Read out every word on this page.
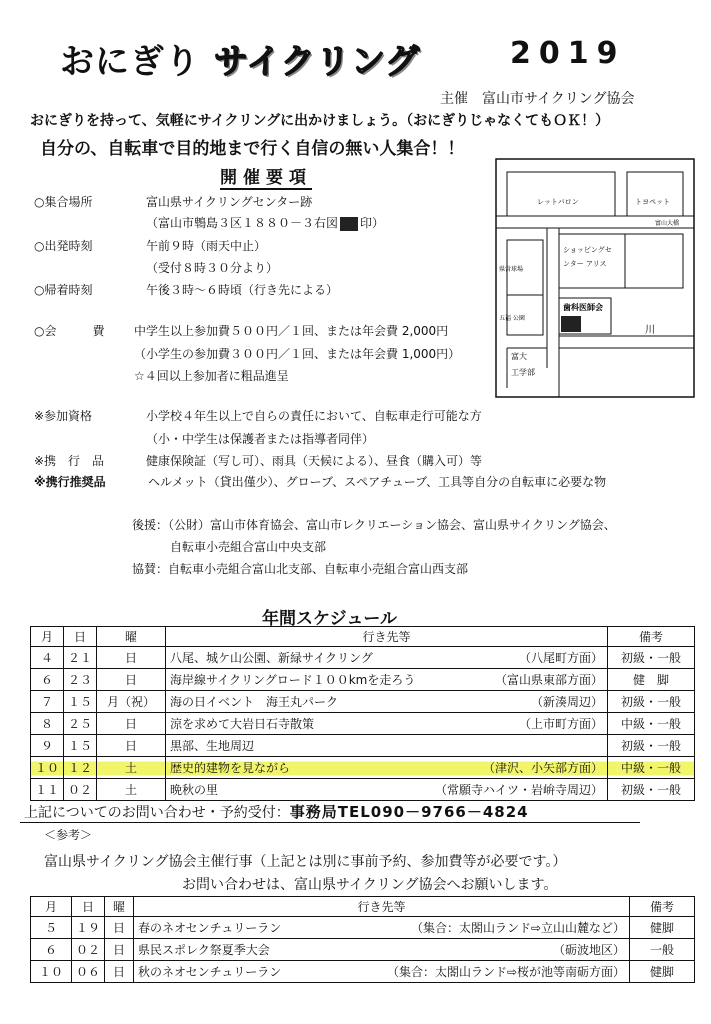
おにぎり サイクリング	2019
主催　富山市サイクリング協会
おにぎりを持って、気軽にサイクリングに出かけましょう。（おにぎりじゃなくてもＯＫ！）
自分の、自転車で目的地まで行く自信の無い人集合！！
開催要項
○集合場所	富山県サイクリングセンター跡
（富山市鵯島３区１８８０－３右図 印）
○出発時刻	午前９時（雨天中止）
（受付８時３０分より）
○帰着時刻	午後３時～６時頃（行き先による）
○会　　　費 中学生以上参加費５００円／１回、または年会費 2,000円
（小学生の参加費３００円／１回、または年会費 1,000円）
☆４回以上参加者に粗品進呈
※参加資格	小学校４年生以上で自らの責任において、自転車走行可能な方
（小・中学生は保護者または指導者同伴）
※携　行　品	健康保険証（写し可）、雨具（天候による）、昼食（購入可）等
※携行推奨品	ヘルメット（貸出僅少）、グローブ、スペアチューブ、工具等自分の自転車に必要な物
後援：（公財）富山市体育協会、富山市レクリエーション協会、富山県サイクリング協会、
自転車小売組合富山中央支部
協賛：自転車小売組合富山北支部、自転車小売組合富山西支部
レットバロン	トヨペット
富山大橋
ショッピングセ
ンター アリス
県営球場
五福 公園
歯科医師会
川
富大
工学部
年間スケジュール
月	日	曜	行き先等	備考
４	２１	日	八尾、城ケ山公園、新緑サイクリング （八尾町方面）	初級・一般
６	２３	日	海岸線サイクリングロード１００kmを走ろう （富山県東部方面）	健　脚
７	１５	月（祝）	海の日イベント　海王丸パーク （新湊周辺）	初級・一般
８	２５	日	涼を求めて大岩日石寺散策 （上市町方面）	中級・一般
９	１５	日	黒部、生地周辺	初級・一般
１０	１２	土	歴史的建物を見ながら （津沢、小矢部方面）	中級・一般
１１	０２	土	晩秋の里 （常願寺ハイツ・岩峅寺周辺）	初級・一般
上記についてのお問い合わせ・予約受付：事務局TEL090－9766－4824
＜参考＞
富山県サイクリング協会主催行事（上記とは別に事前予約、参加費等が必要です。）
お問い合わせは、富山県サイクリング協会へお願いします。
月	日	曜	行き先等	備考
５	１９	日	春のネオセンチュリーラン （集合：太閤山ランド⇨立山山麓など）	健脚
６	０２	日	県民スポレク祭夏季大会 （砺波地区）	一般
１０	０６	日	秋のネオセンチュリーラン （集合：太閤山ランド⇨桜が池等南砺方面）	健脚
